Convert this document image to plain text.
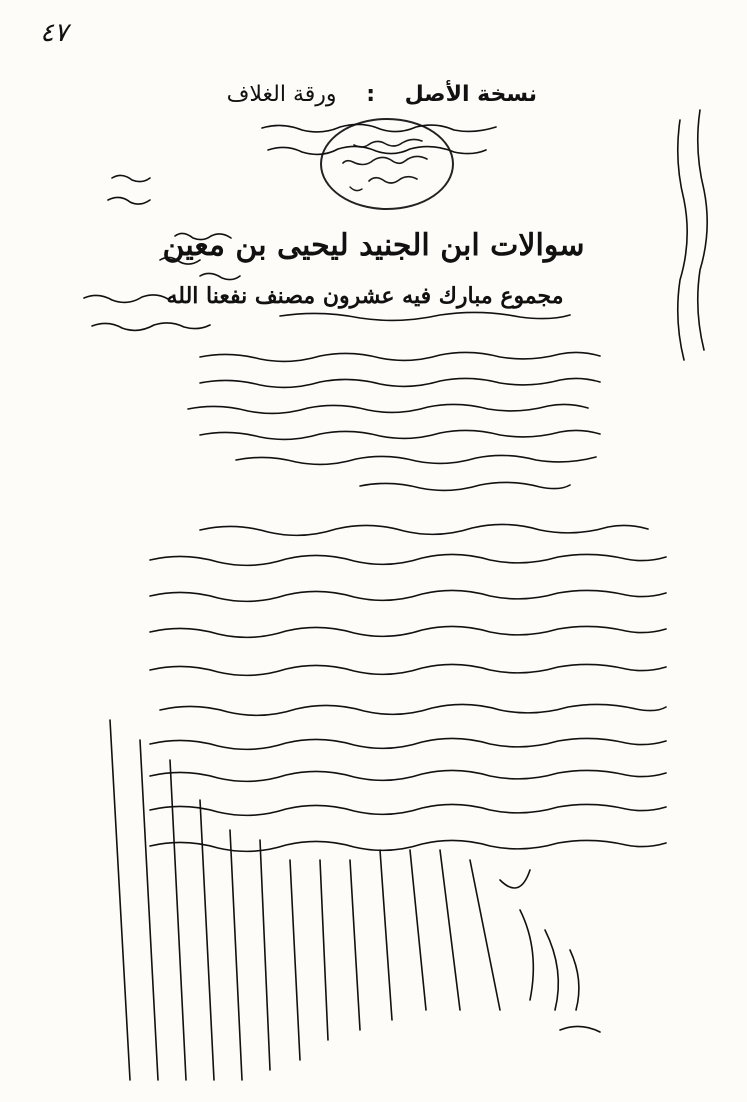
٤٧
نسخة الأصل : ورقة الغلاف
سوالات ابن الجنيد ليحيى بن معين
مجموع مبارك فيه عشرون مصنف نفعنا الله
